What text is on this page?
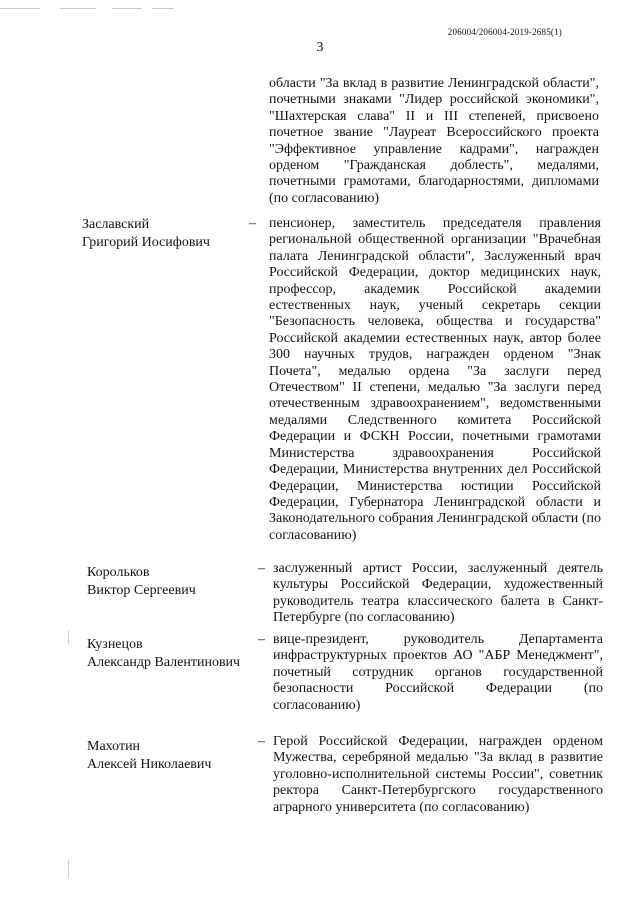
206004/206004-2019-2685(1)
3
области "За вклад в развитие Ленинградской области", почетными знаками "Лидер российской экономики", "Шахтерская слава" II и III степеней, присвоено почетное звание "Лауреат Всероссийского проекта "Эффективное управление кадрами", награжден орденом "Гражданская доблесть", медалями, почетными грамотами, благодарностями, дипломами (по согласованию)
Заславский
Григорий Иосифович
– пенсионер, заместитель председателя правления региональной общественной организации "Врачебная палата Ленинградской области", Заслуженный врач Российской Федерации, доктор медицинских наук, профессор, академик Российской академии естественных наук, ученый секретарь секции "Безопасность человека, общества и государства" Российской академии естественных наук, автор более 300 научных трудов, награжден орденом "Знак Почета", медалью ордена "За заслуги перед Отечеством" II степени, медалью "За заслуги перед отечественным здравоохранением", ведомственными медалями Следственного комитета Российской Федерации и ФСКН России, почетными грамотами Министерства здравоохранения Российской Федерации, Министерства внутренних дел Российской Федерации, Министерства юстиции Российской Федерации, Губернатора Ленинградской области и Законодательного собрания Ленинградской области (по согласованию)
Корольков
Виктор Сергеевич
– заслуженный артист России, заслуженный деятель культуры Российской Федерации, художественный руководитель театра классического балета в Санкт-Петербурге (по согласованию)
Кузнецов
Александр Валентинович
– вице-президент, руководитель Департамента инфраструктурных проектов АО "АБР Менеджмент", почетный сотрудник органов государственной безопасности Российской Федерации (по согласованию)
Махотин
Алексей Николаевич
– Герой Российской Федерации, награжден орденом Мужества, серебряной медалью "За вклад в развитие уголовно-исполнительной системы России", советник ректора Санкт-Петербургского государственного аграрного университета (по согласованию)
